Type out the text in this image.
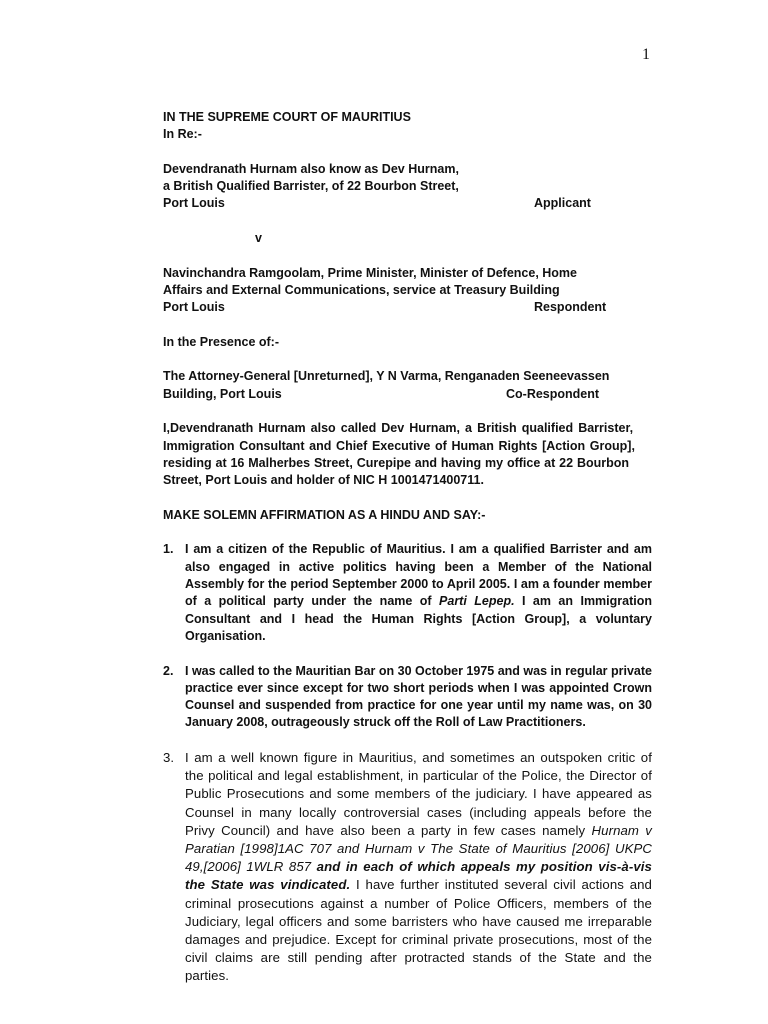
1
IN THE SUPREME COURT OF MAURITIUS
In Re:-
Devendranath Hurnam also know as Dev Hurnam,
a British Qualified Barrister, of 22 Bourbon Street,
Port Louis	Applicant
v
Navinchandra Ramgoolam, Prime Minister, Minister of Defence, Home
Affairs and External Communications, service at Treasury Building
Port Louis	Respondent
In the Presence of:-
The Attorney-General [Unreturned], Y N Varma, Renganaden Seeneevassen
Building, Port Louis	Co-Respondent
I,Devendranath Hurnam also called Dev Hurnam, a British qualified Barrister,
Immigration Consultant and Chief Executive of Human Rights [Action Group],
residing at 16 Malherbes Street, Curepipe and having my office at 22 Bourbon
Street, Port Louis and holder of NIC H 1001471400711.
MAKE SOLEMN AFFIRMATION AS A HINDU AND SAY:-
1. I am a citizen of the Republic of Mauritius. I am a qualified Barrister and am also engaged in active politics having been a Member of the National Assembly for the period September 2000 to April 2005. I am a founder member of a political party under the name of Parti Lepep. I am an Immigration Consultant and I head the Human Rights [Action Group], a voluntary Organisation.
2. I was called to the Mauritian Bar on 30 October 1975 and was in regular private practice ever since except for two short periods when I was appointed Crown Counsel and suspended from practice for one year until my name was, on 30 January 2008, outrageously struck off the Roll of Law Practitioners.
3. I am a well known figure in Mauritius, and sometimes an outspoken critic of the political and legal establishment, in particular of the Police, the Director of Public Prosecutions and some members of the judiciary. I have appeared as Counsel in many locally controversial cases (including appeals before the Privy Council) and have also been a party in few cases namely Hurnam v Paratian [1998]1AC 707 and Hurnam v The State of Mauritius [2006] UKPC 49,[2006] 1WLR 857 and in each of which appeals my position vis-à-vis the State was vindicated. I have further instituted several civil actions and criminal prosecutions against a number of Police Officers, members of the Judiciary, legal officers and some barristers who have caused me irreparable damages and prejudice. Except for criminal private prosecutions, most of the civil claims are still pending after protracted stands of the State and the parties.
